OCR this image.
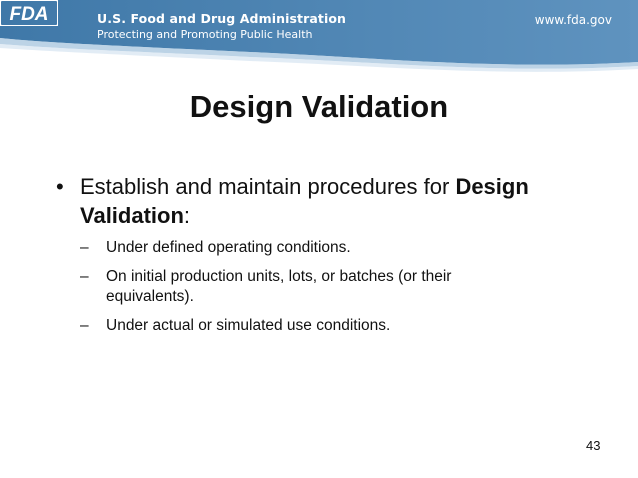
FDA	U.S. Food and Drug Administration
Protecting and Promoting Public Health
www.fda.gov
Design Validation
• Establish and maintain procedures for Design Validation:
– Under defined operating conditions.
– On initial production units, lots, or batches (or their equivalents).
– Under actual or simulated use conditions.
43
